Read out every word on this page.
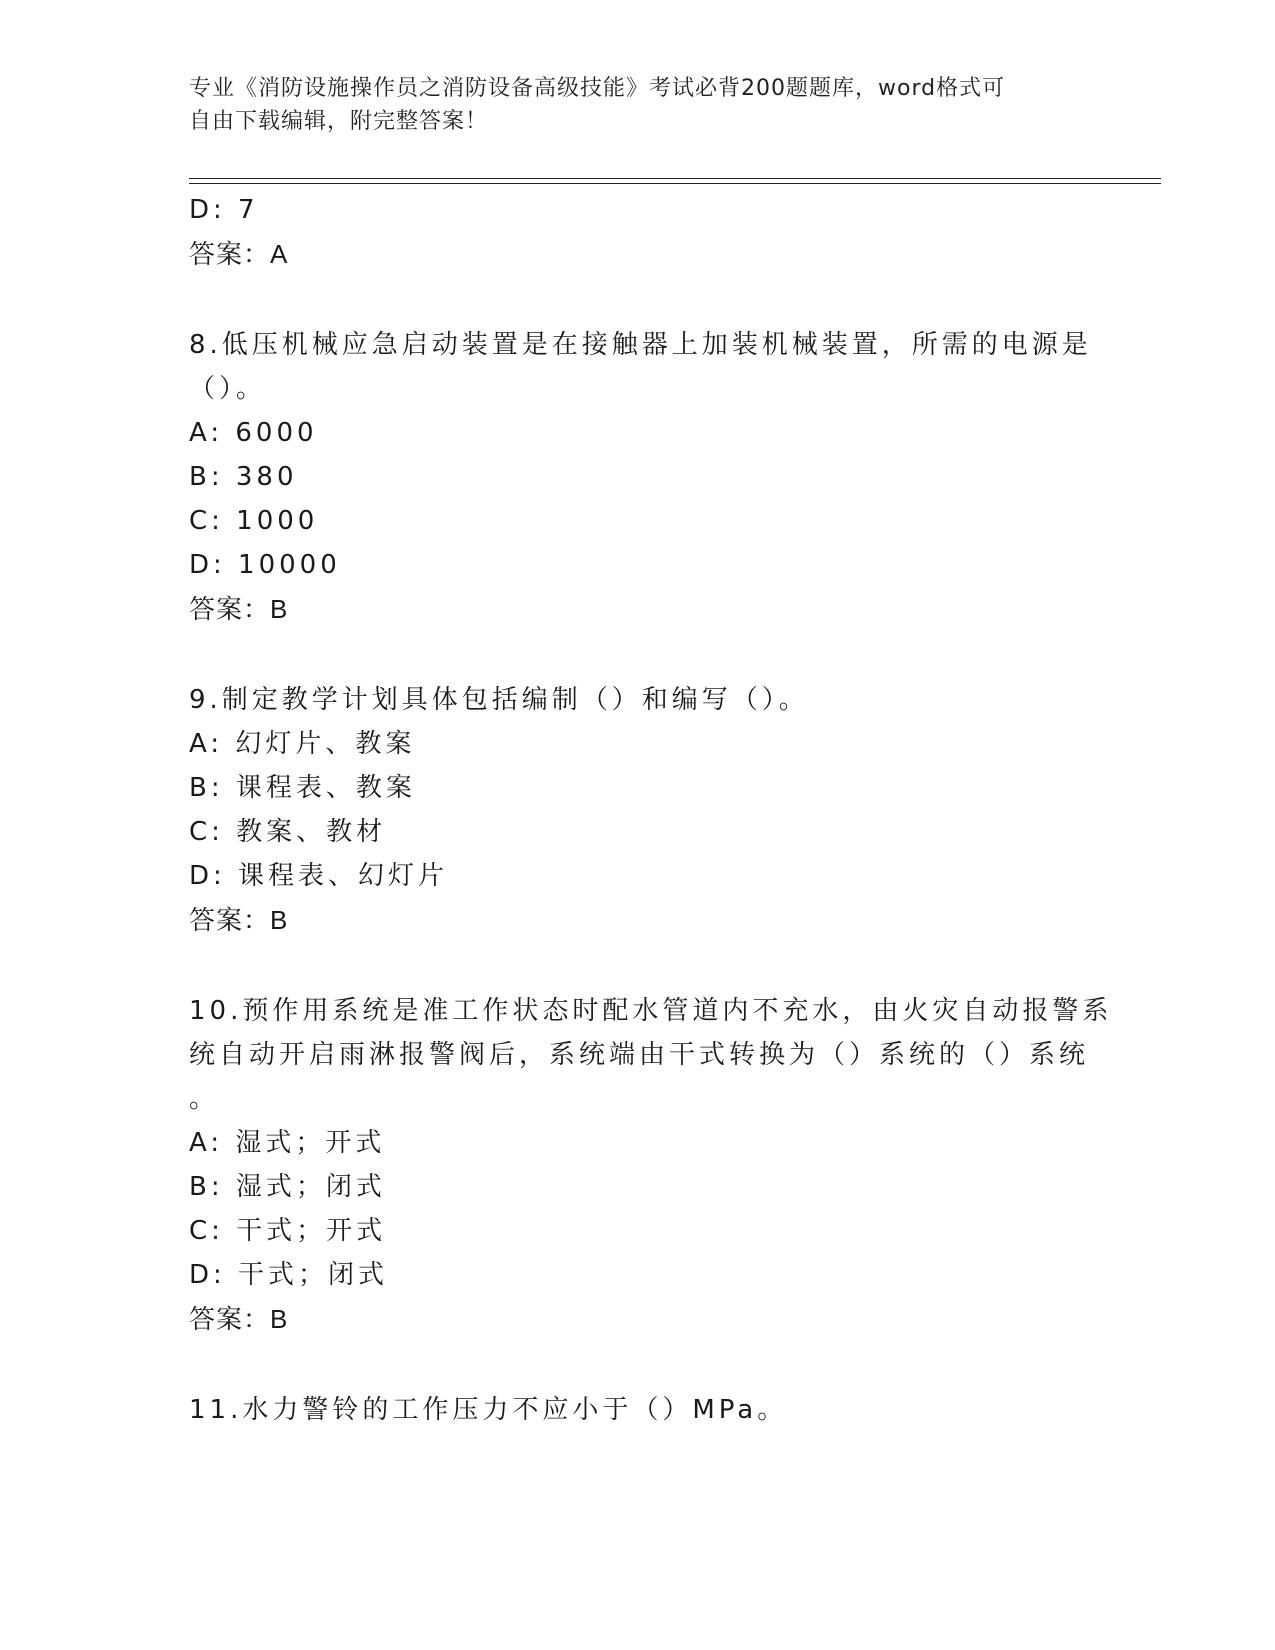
专业《消防设施操作员之消防设备高级技能》考试必背200题题库，word格式可
自由下载编辑，附完整答案！
D: 7
答案：A
8.低压机械应急启动装置是在接触器上加装机械装置，所需的电源是
（）。
A: 6000
B: 380
C: 1000
D: 10000
答案：B
9.制定教学计划具体包括编制（）和编写（）。
A: 幻灯片、教案
B: 课程表、教案
C: 教案、教材
D: 课程表、幻灯片
答案：B
10.预作用系统是准工作状态时配水管道内不充水，由火灾自动报警系
统自动开启雨淋报警阀后，系统端由干式转换为（）系统的（）系统
。
A: 湿式；开式
B: 湿式；闭式
C: 干式；开式
D: 干式；闭式
答案：B
11.水力警铃的工作压力不应小于（）MPa。
